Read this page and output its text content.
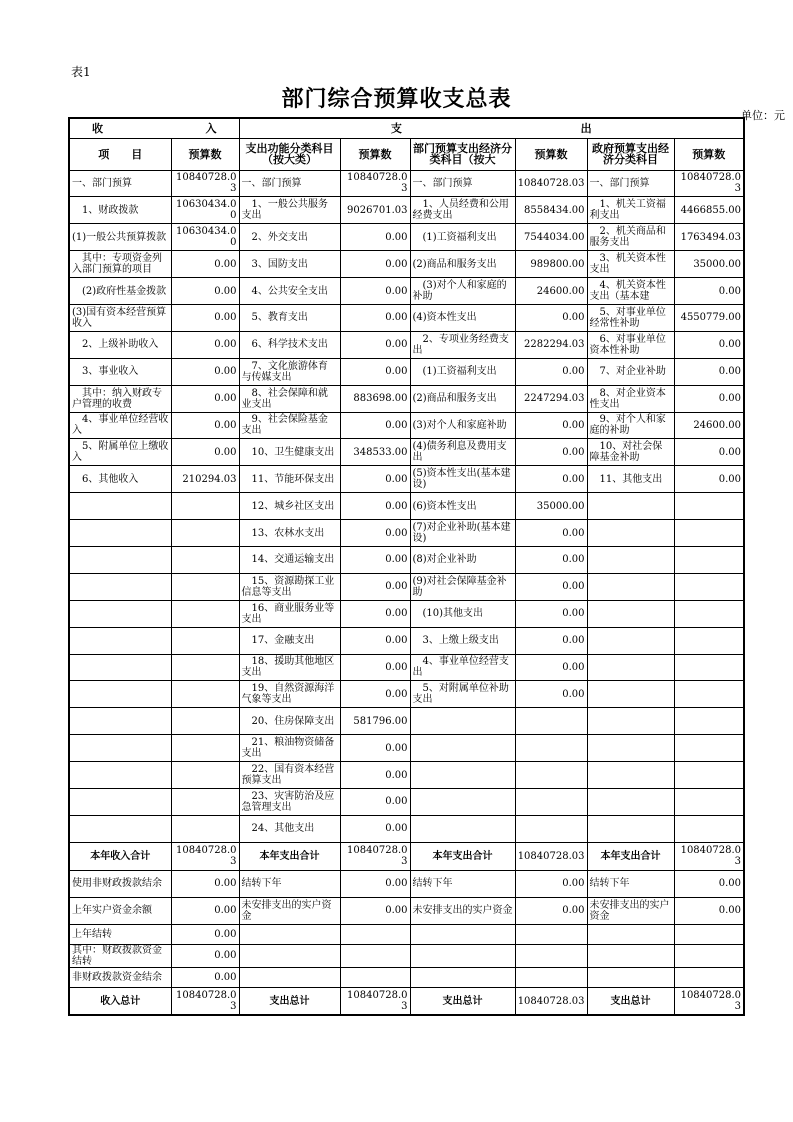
表1
部门综合预算收支总表
单位：元
收 入		支 出					

项　　目	预算数	支出功能分类科目（按大类）	预算数	部门预算支出经济分类科目（按大	预算数	政府预算支出经济分类科目	预算数
一、部门预算	10840728.03	一、部门预算	10840728.03	一、部门预算	10840728.03	一、部门预算	10840728.03
　1、财政拨款	10630434.00	　1、一般公共服务支出	9026701.03	　1、人员经费和公用经费支出	8558434.00	　1、机关工资福利支出	4466855.00
(1)一般公共预算拨款	10630434.00	　2、外交支出	0.00	　(1)工资福利支出	7544034.00	　2、机关商品和服务支出	1763494.03
　其中：专项资金列入部门预算的项目	0.00	　3、国防支出	0.00	(2)商品和服务支出	989800.00	　3、机关资本性支出	35000.00
　(2)政府性基金拨款	0.00	　4、公共安全支出	0.00	　(3)对个人和家庭的补助	24600.00	　4、机关资本性支出（基本建	0.00
(3)国有资本经营预算收入	0.00	　5、教育支出	0.00	(4)资本性支出	0.00	　5、对事业单位经常性补助	4550779.00
　2、上级补助收入	0.00	　6、科学技术支出	0.00	　2、专项业务经费支出	2282294.03	　6、对事业单位资本性补助	0.00
　3、事业收入	0.00	　7、文化旅游体育与传媒支出	0.00	　(1)工资福利支出	0.00	　7、对企业补助	0.00
　其中：纳入财政专户管理的收费	0.00	　8、社会保障和就业支出	883698.00	(2)商品和服务支出	2247294.03	　8、对企业资本性支出	0.00
　4、事业单位经营收入	0.00	　9、社会保险基金支出	0.00	(3)对个人和家庭补助	0.00	　9、对个人和家庭的补助	24600.00
　5、附属单位上缴收入	0.00	　10、卫生健康支出	348533.00	(4)债务利息及费用支出	0.00	　10、对社会保障基金补助	0.00
　6、其他收入	210294.03	　11、节能环保支出	0.00	(5)资本性支出(基本建设)	0.00	　11、其他支出	0.00
		　12、城乡社区支出	0.00	(6)资本性支出	35000.00		
		　13、农林水支出	0.00	(7)对企业补助(基本建设)	0.00		
		　14、交通运输支出	0.00	(8)对企业补助	0.00		
		　15、资源勘探工业信息等支出	0.00	(9)对社会保障基金补助	0.00		
		　16、商业服务业等支出	0.00	　(10)其他支出	0.00		
		　17、金融支出	0.00	　3、上缴上级支出	0.00		
		　18、援助其他地区支出	0.00	　4、事业单位经营支出	0.00		
		　19、自然资源海洋气象等支出	0.00	　5、对附属单位补助支出	0.00		
		　20、住房保障支出	581796.00				
		　21、粮油物资储备支出	0.00				
		　22、国有资本经营预算支出	0.00				
		　23、灾害防治及应急管理支出	0.00				
		　24、其他支出	0.00				
本年收入合计	10840728.03	本年支出合计	10840728.03	本年支出合计	10840728.03	本年支出合计	10840728.03
使用非财政拨款结余	0.00	结转下年	0.00	结转下年	0.00	结转下年	0.00
上年实户资金余额	0.00	未安排支出的实户资金	0.00	未安排支出的实户资金	0.00	未安排支出的实户资金	0.00
上年结转	0.00						
其中：财政拨款资金结转	0.00						
非财政拨款资金结余	0.00						
收入总计	10840728.03	支出总计	10840728.03	支出总计	10840728.03	支出总计	10840728.03
